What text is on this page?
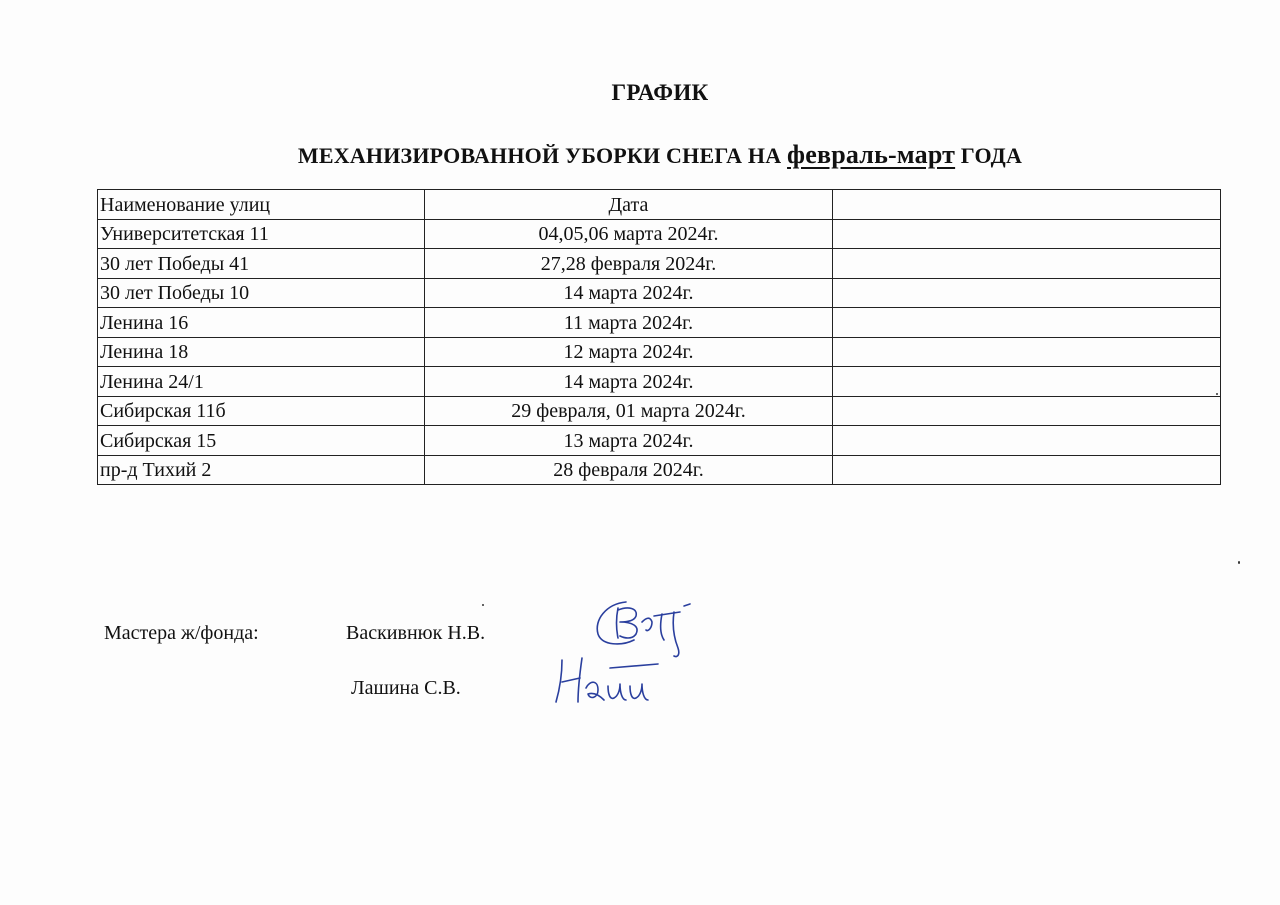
ГРАФИК
МЕХАНИЗИРОВАННОЙ УБОРКИ СНЕГА НА февраль-март ГОДА
Наименование улиц	Дата	
Университетская 11	04,05,06 марта 2024г.	
30 лет Победы 41	27,28 февраля 2024г.	
30 лет Победы 10	14 марта 2024г.	
Ленина 16	11 марта 2024г.	
Ленина 18	12 марта 2024г.	
Ленина 24/1	14 марта 2024г.	
Сибирская 11б	29 февраля, 01 марта 2024г.	
Сибирская 15	13 марта 2024г.	
пр-д Тихий 2	28 февраля 2024г.	
Мастера ж/фонда:	Васкивнюк Н.В.
Лашина С.В.
